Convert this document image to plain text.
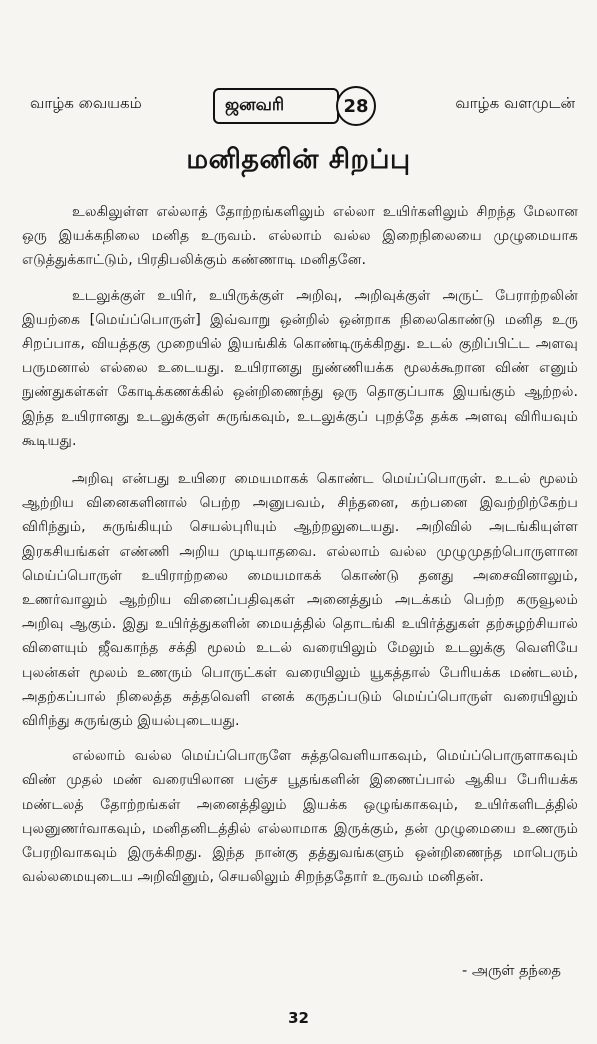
வாழ்க வையகம்	ஜனவரி	28	வாழ்க வளமுடன்
மனிதனின் சிறப்பு

உலகிலுள்ள எல்லாத் தோற்றங்களிலும் எல்லா உயிர்களிலும் சிறந்த மேலான ஒரு இயக்கநிலை மனித உருவம். எல்லாம் வல்ல இறைநிலையை முழுமையாக எடுத்துக்காட்டும், பிரதிபலிக்கும் கண்ணாடி மனிதனே.

உடலுக்குள் உயிர், உயிருக்குள் அறிவு, அறிவுக்குள் அருட் பேராற்றலின் இயற்கை [மெய்ப்பொருள்] இவ்வாறு ஒன்றில் ஒன்றாக நிலைகொண்டு மனித உரு சிறப்பாக, வியத்தகு முறையில் இயங்கிக் கொண்டிருக்கிறது. உடல் குறிப்பிட்ட அளவு பருமனால் எல்லை உடையது. உயிரானது நுண்ணியக்க மூலக்கூறான விண் எனும் நுண்துகள்கள் கோடிக்கணக்கில் ஒன்றிணைந்து ஒரு தொகுப்பாக இயங்கும் ஆற்றல். இந்த உயிரானது உடலுக்குள் சுருங்கவும், உடலுக்குப் புறத்தே தக்க அளவு விரியவும் கூடியது.

அறிவு என்பது உயிரை மையமாகக் கொண்ட மெய்ப்பொருள். உடல் மூலம் ஆற்றிய வினைகளினால் பெற்ற அனுபவம், சிந்தனை, கற்பனை இவற்றிற்கேற்ப விரிந்தும், சுருங்கியும் செயல்புரியும் ஆற்றலுடையது. அறிவில் அடங்கியுள்ள இரகசியங்கள் எண்ணி அறிய முடியாதவை. எல்லாம் வல்ல முழுமுதற்பொருளான மெய்ப்பொருள் உயிராற்றலை மையமாகக் கொண்டு தனது அசைவினாலும், உணர்வாலும் ஆற்றிய வினைப்பதிவுகள் அனைத்தும் அடக்கம் பெற்ற கருவூலம் அறிவு ஆகும். இது உயிர்த்துகளின் மையத்தில் தொடங்கி உயிர்த்துகள் தற்சுழற்சியால் விளையும் ஜீவகாந்த சக்தி மூலம் உடல் வரையிலும் மேலும் உடலுக்கு வெளியே புலன்கள் மூலம் உணரும் பொருட்கள் வரையிலும் யூகத்தால் பேரியக்க மண்டலம், அதற்கப்பால் நிலைத்த சுத்தவெளி எனக் கருதப்படும் மெய்ப்பொருள் வரையிலும் விரிந்து சுருங்கும் இயல்புடையது.

எல்லாம் வல்ல மெய்ப்பொருளே சுத்தவெளியாகவும், மெய்ப்பொருளாகவும் விண் முதல் மண் வரையிலான பஞ்ச பூதங்களின் இணைப்பால் ஆகிய பேரியக்க மண்டலத் தோற்றங்கள் அனைத்திலும் இயக்க ஒழுங்காகவும், உயிர்களிடத்தில் புலனுணர்வாகவும், மனிதனிடத்தில் எல்லாமாக இருக்கும், தன் முழுமையை உணரும் பேரறிவாகவும் இருக்கிறது. இந்த நான்கு தத்துவங்களும் ஒன்றிணைந்த மாபெரும் வல்லமையுடைய அறிவினும், செயலிலும் சிறந்ததோர் உருவம் மனிதன்.

- அருள் தந்தை
32
